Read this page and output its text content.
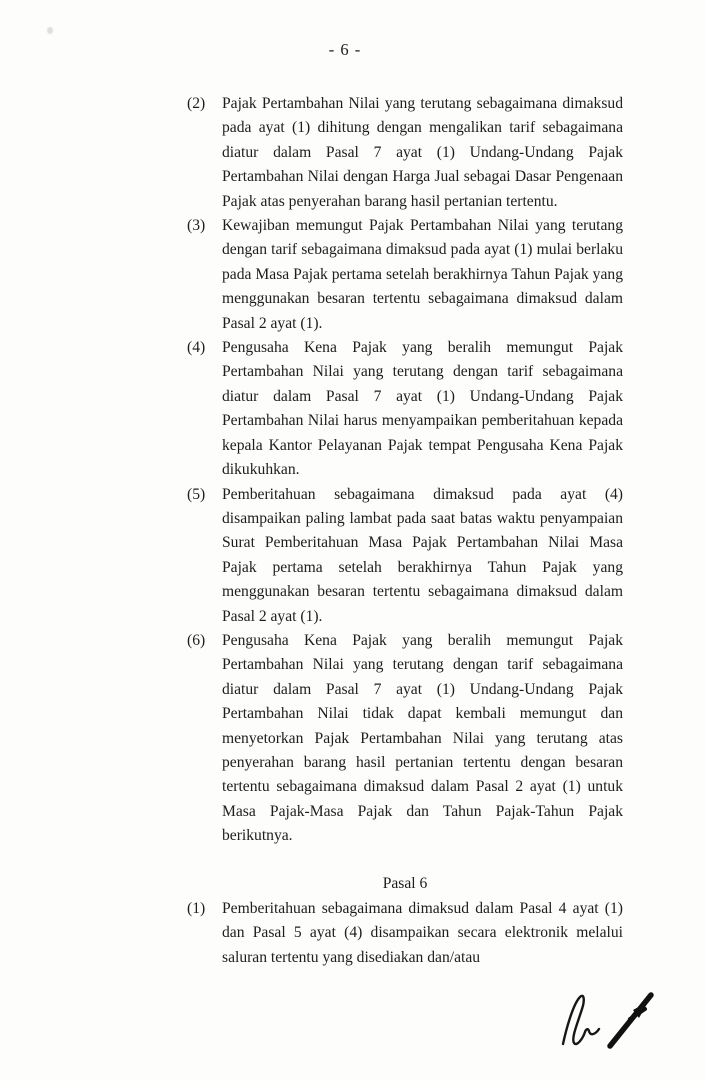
- 6 -
(2)	Pajak Pertambahan Nilai yang terutang sebagaimana dimaksud pada ayat (1) dihitung dengan mengalikan tarif sebagaimana diatur dalam Pasal 7 ayat (1) Undang-Undang Pajak Pertambahan Nilai dengan Harga Jual sebagai Dasar Pengenaan Pajak atas penyerahan barang hasil pertanian tertentu.
(3)	Kewajiban memungut Pajak Pertambahan Nilai yang terutang dengan tarif sebagaimana dimaksud pada ayat (1) mulai berlaku pada Masa Pajak pertama setelah berakhirnya Tahun Pajak yang menggunakan besaran tertentu sebagaimana dimaksud dalam Pasal 2 ayat (1).
(4)	Pengusaha Kena Pajak yang beralih memungut Pajak Pertambahan Nilai yang terutang dengan tarif sebagaimana diatur dalam Pasal 7 ayat (1) Undang-Undang Pajak Pertambahan Nilai harus menyampaikan pemberitahuan kepada kepala Kantor Pelayanan Pajak tempat Pengusaha Kena Pajak dikukuhkan.
(5)	Pemberitahuan sebagaimana dimaksud pada ayat (4) disampaikan paling lambat pada saat batas waktu penyampaian Surat Pemberitahuan Masa Pajak Pertambahan Nilai Masa Pajak pertama setelah berakhirnya Tahun Pajak yang menggunakan besaran tertentu sebagaimana dimaksud dalam Pasal 2 ayat (1).
(6)	Pengusaha Kena Pajak yang beralih memungut Pajak Pertambahan Nilai yang terutang dengan tarif sebagaimana diatur dalam Pasal 7 ayat (1) Undang-Undang Pajak Pertambahan Nilai tidak dapat kembali memungut dan menyetorkan Pajak Pertambahan Nilai yang terutang atas penyerahan barang hasil pertanian tertentu dengan besaran tertentu sebagaimana dimaksud dalam Pasal 2 ayat (1) untuk Masa Pajak-Masa Pajak dan Tahun Pajak-Tahun Pajak berikutnya.
Pasal 6
(1)	Pemberitahuan sebagaimana dimaksud dalam Pasal 4 ayat (1) dan Pasal 5 ayat (4) disampaikan secara elektronik melalui saluran tertentu yang disediakan dan/atau
